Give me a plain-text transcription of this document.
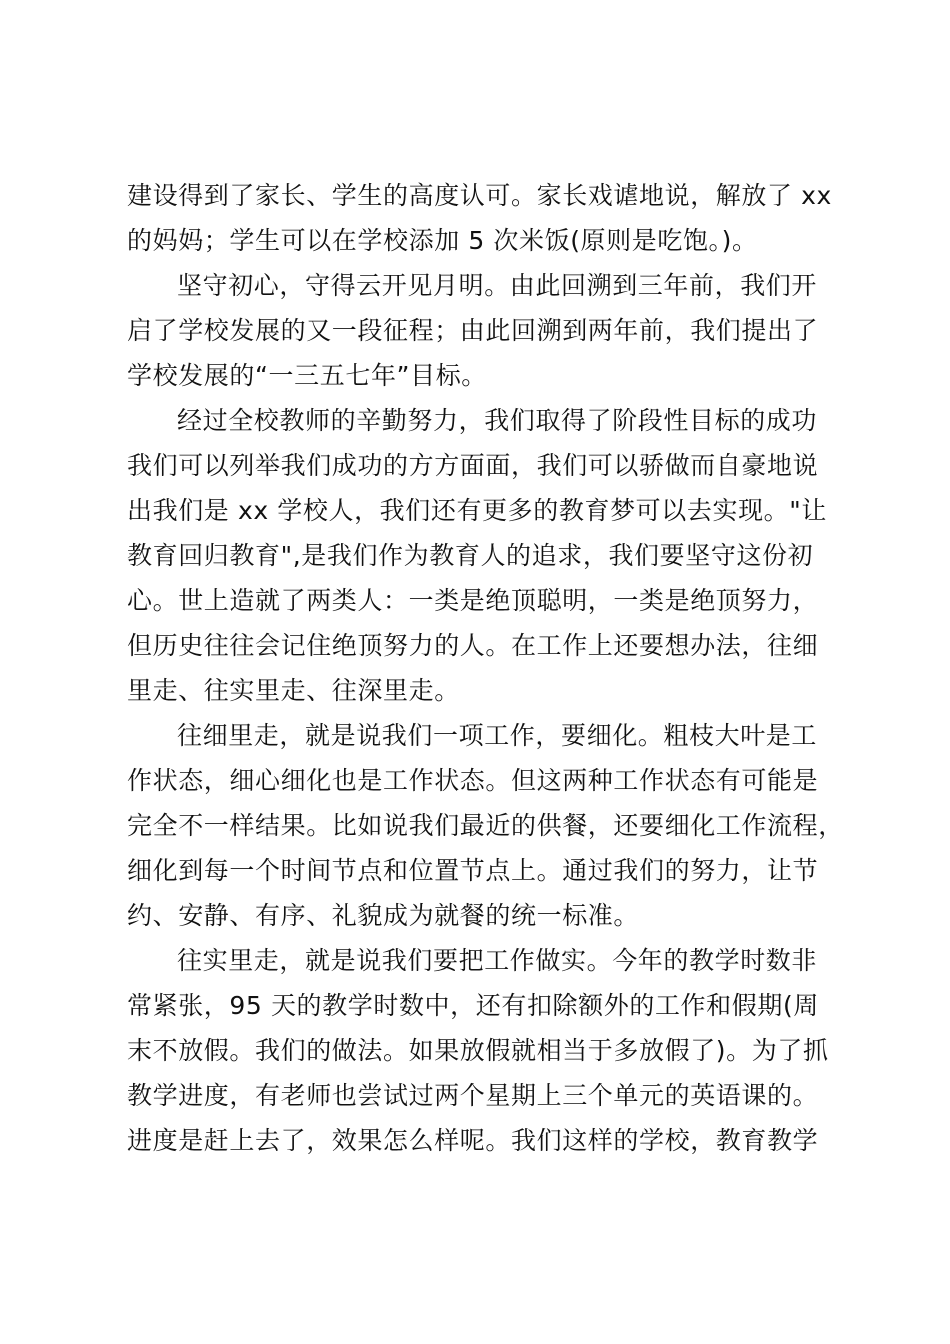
建设得到了家长、学生的高度认可。家长戏谑地说，解放了 xx
的妈妈；学生可以在学校添加 5 次米饭(原则是吃饱。)。
坚守初心，守得云开见月明。由此回溯到三年前，我们开
启了学校发展的又一段征程；由此回溯到两年前，我们提出了
学校发展的“一三五七年”目标。
经过全校教师的辛勤努力，我们取得了阶段性目标的成功
我们可以列举我们成功的方方面面，我们可以骄做而自豪地说
出我们是 xx 学校人，我们还有更多的教育梦可以去实现。"让
教育回归教育",是我们作为教育人的追求，我们要坚守这份初
心。世上造就了两类人：一类是绝顶聪明，一类是绝顶努力，
但历史往往会记住绝顶努力的人。在工作上还要想办法，往细
里走、往实里走、往深里走。
往细里走，就是说我们一项工作，要细化。粗枝大叶是工
作状态，细心细化也是工作状态。但这两种工作状态有可能是
完全不一样结果。比如说我们最近的供餐，还要细化工作流程，
细化到每一个时间节点和位置节点上。通过我们的努力，让节
约、安静、有序、礼貌成为就餐的统一标准。
往实里走，就是说我们要把工作做实。今年的教学时数非
常紧张，95 天的教学时数中，还有扣除额外的工作和假期(周
末不放假。我们的做法。如果放假就相当于多放假了)。为了抓
教学进度，有老师也尝试过两个星期上三个单元的英语课的。
进度是赶上去了，效果怎么样呢。我们这样的学校，教育教学
